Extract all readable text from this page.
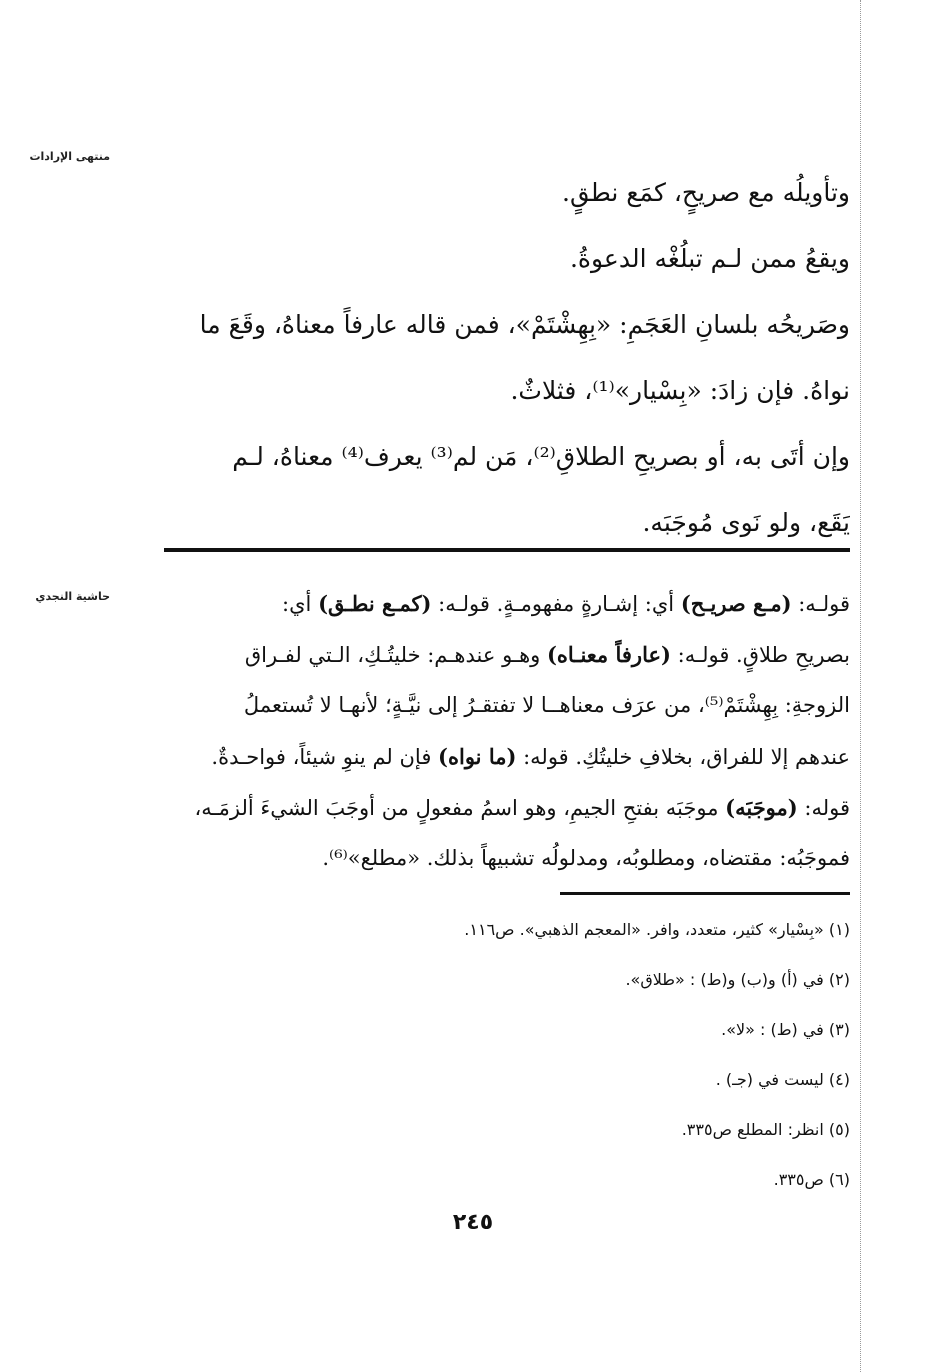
منتهى الإرادات
حاشية النجدي
وتأويلُه مع صريحٍ، كمَع نطقٍ.
ويقعُ ممن لـم تبلُغْه الدعوةُ.
وصَريحُه بلسانِ العَجَمِ: «بِهِشْتَمْ»، فمن قاله عارفاً معناهُ، وقَعَ ما
نواهُ. فإن زادَ: «بِسْيار»⁽¹⁾، فثلاثٌ.
وإن أتَى به، أو بصريحِ الطلاقِ⁽²⁾، مَن لم⁽³⁾ يعرف⁽⁴⁾ معناهُ، لـم
يَقَع، ولو نَوى مُوجَبَه.
قولـه: (مـع صريـح) أي: إشـارةٍ مفهومـةٍ. قولـه: (كمـع نطـق) أي:
بصريحِ طلاقٍ. قولـه: (عارفاً معنـاه) وهـو عندهـم: خليتُـكِ، الـتي لفـراق
الزوجةِ: بِهِشْتَمْ⁽⁵⁾، من عرَف معناهــا لا تفتقـرُ إلى نيَّـةٍ؛ لأنهـا لا تُستعملُ
عندهم إلا للفراق، بخلافِ خليتُكِ. قوله: (ما نواه) فإن لم ينوِ شيئاً، فواحـدةٌ.
قوله: (موجَبَه) موجَبَه بفتحِ الجيمِ، وهو اسمُ مفعولٍ من أوجَبَ الشيءَ ألزمَـه،
فموجَبُه: مقتضاه، ومطلوبُه، ومدلولُه تشبيهاً بذلك. «مطلع»⁽⁶⁾.
(١) «بِسْيار» كثير، متعدد، وافر. «المعجم الذهبي». ص١١٦.
(٢) في (أ) و(ب) و(ط) : «طلاق».
(٣) في (ط) : «لا».
(٤) ليست في (جـ) .
(٥) انظر: المطلع ص٣٣٥.
(٦) ص٣٣٥.
٢٤٥
